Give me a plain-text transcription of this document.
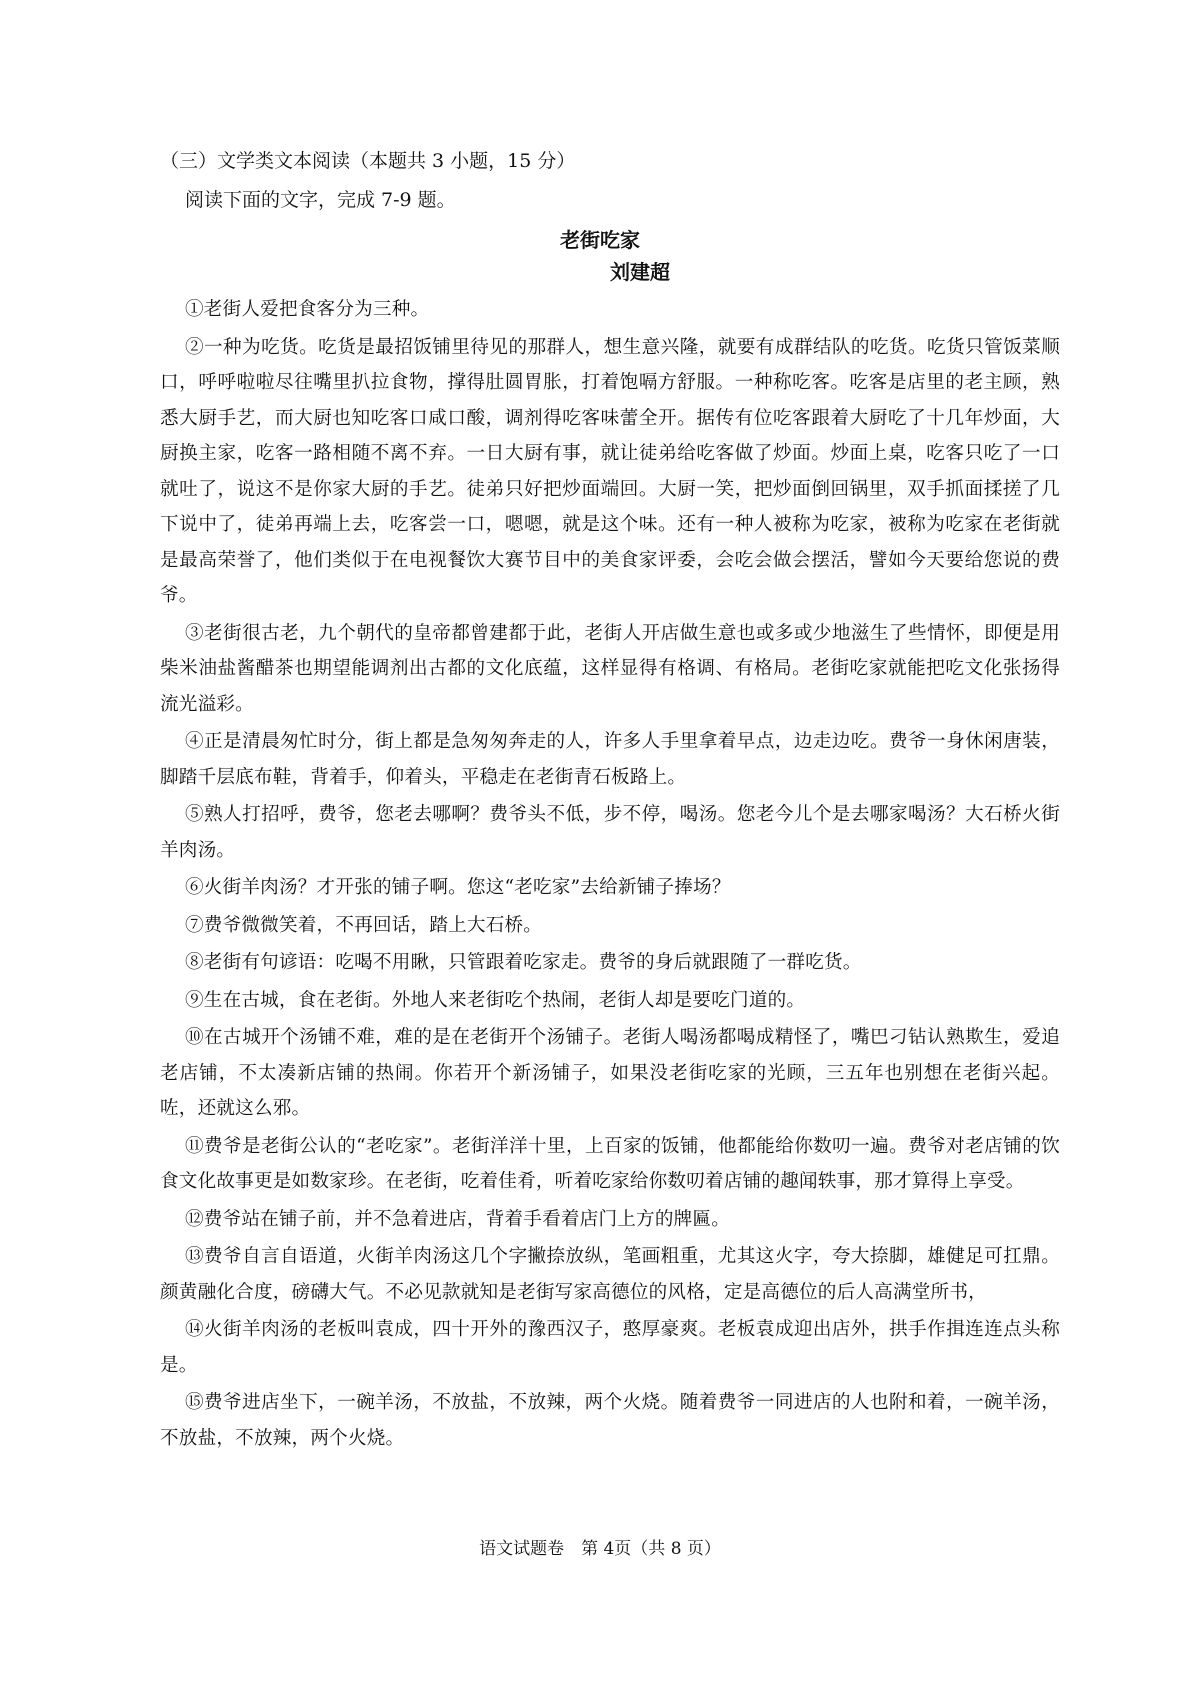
（三）文学类文本阅读（本题共 3 小题，15 分）
阅读下面的文字，完成 7-9 题。
老街吃家
刘建超

①老街人爱把食客分为三种。

②一种为吃货。吃货是最招饭铺里待见的那群人，想生意兴隆，就要有成群结队的吃货。吃货只管饭菜顺口，呼呼啦啦尽往嘴里扒拉食物，撑得肚圆胃胀，打着饱嗝方舒服。一种称吃客。吃客是店里的老主顾，熟悉大厨手艺，而大厨也知吃客口咸口酸，调剂得吃客味蕾全开。据传有位吃客跟着大厨吃了十几年炒面，大厨换主家，吃客一路相随不离不弃。一日大厨有事，就让徒弟给吃客做了炒面。炒面上桌，吃客只吃了一口就吐了，说这不是你家大厨的手艺。徒弟只好把炒面端回。大厨一笑，把炒面倒回锅里，双手抓面揉搓了几下说中了，徒弟再端上去，吃客尝一口，嗯嗯，就是这个味。还有一种人被称为吃家，被称为吃家在老街就是最高荣誉了，他们类似于在电视餐饮大赛节目中的美食家评委，会吃会做会摆活，譬如今天要给您说的费爷。

③老街很古老，九个朝代的皇帝都曾建都于此，老街人开店做生意也或多或少地滋生了些情怀，即便是用柴米油盐酱醋茶也期望能调剂出古都的文化底蕴，这样显得有格调、有格局。老街吃家就能把吃文化张扬得流光溢彩。

④正是清晨匆忙时分，街上都是急匆匆奔走的人，许多人手里拿着早点，边走边吃。费爷一身休闲唐装，脚踏千层底布鞋，背着手，仰着头，平稳走在老街青石板路上。

⑤熟人打招呼，费爷，您老去哪啊？费爷头不低，步不停，喝汤。您老今儿个是去哪家喝汤？大石桥火街羊肉汤。

⑥火街羊肉汤？才开张的铺子啊。您这“老吃家”去给新铺子捧场？

⑦费爷微微笑着，不再回话，踏上大石桥。

⑧老街有句谚语：吃喝不用瞅，只管跟着吃家走。费爷的身后就跟随了一群吃货。

⑨生在古城，食在老街。外地人来老街吃个热闹，老街人却是要吃门道的。

⑩在古城开个汤铺不难，难的是在老街开个汤铺子。老街人喝汤都喝成精怪了，嘴巴刁钻认熟欺生，爱追老店铺，不太凑新店铺的热闹。你若开个新汤铺子，如果没老街吃家的光顾，三五年也别想在老街兴起。咗，还就这么邪。

⑪费爷是老街公认的“老吃家”。老街洋洋十里，上百家的饭铺，他都能给你数叨一遍。费爷对老店铺的饮食文化故事更是如数家珍。在老街，吃着佳肴，听着吃家给你数叨着店铺的趣闻轶事，那才算得上享受。

⑫费爷站在铺子前，并不急着进店，背着手看着店门上方的牌匾。

⑬费爷自言自语道，火街羊肉汤这几个字撇捺放纵，笔画粗重，尤其这火字，夸大捺脚，雄健足可扛鼎。颜黄融化合度，磅礴大气。不必见款就知是老街写家高德位的风格，定是高德位的后人高满堂所书，

⑭火街羊肉汤的老板叫袁成，四十开外的豫西汉子，憨厚豪爽。老板袁成迎出店外，拱手作揖连连点头称是。

⑮费爷进店坐下，一碗羊汤，不放盐，不放辣，两个火烧。随着费爷一同进店的人也附和着，一碗羊汤，不放盐，不放辣，两个火烧。

语文试题卷　第 4页（共 8 页）
